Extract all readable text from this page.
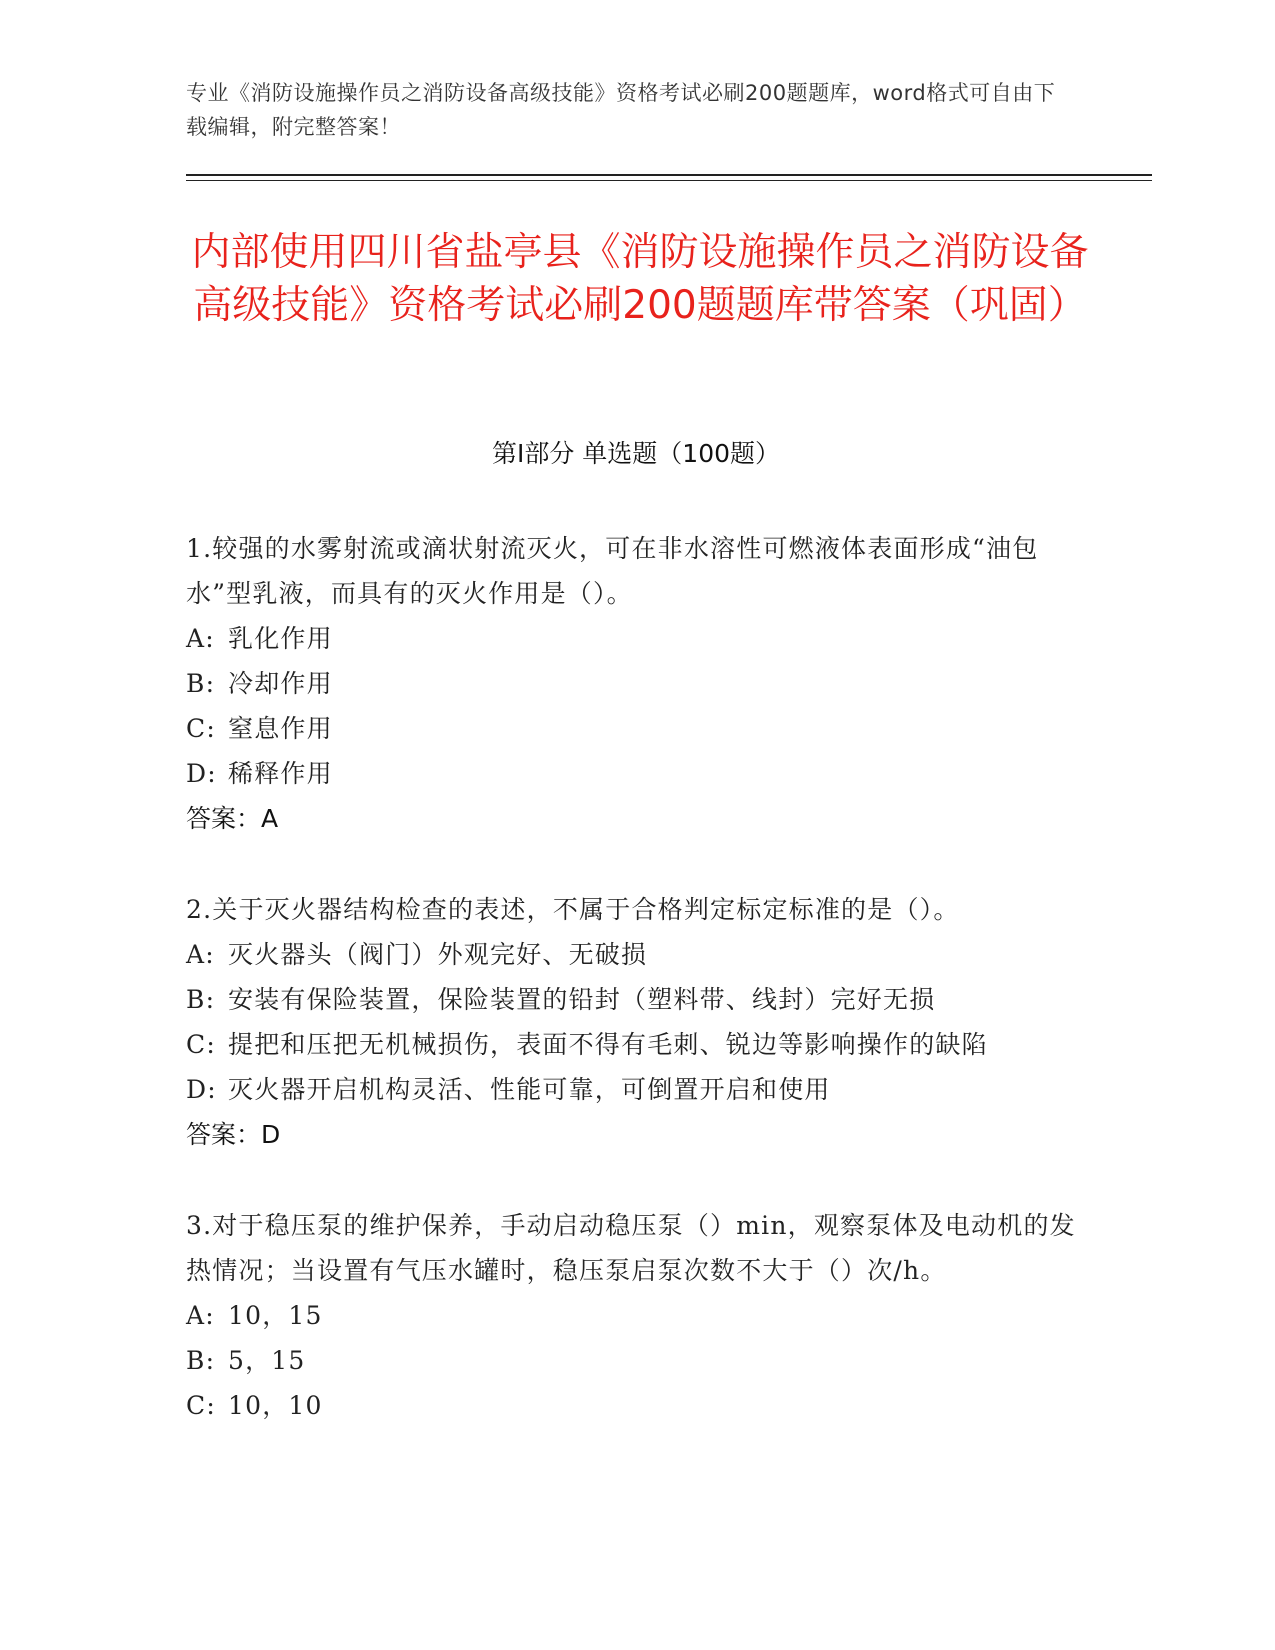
专业《消防设施操作员之消防设备高级技能》资格考试必刷200题题库，word格式可自由下载编辑，附完整答案！
内部使用四川省盐亭县《消防设施操作员之消防设备高级技能》资格考试必刷200题题库带答案（巩固）
第Ⅰ部分 单选题（100题）
1.较强的水雾射流或滴状射流灭火，可在非水溶性可燃液体表面形成“油包水”型乳液，而具有的灭火作用是（）。
A: 乳化作用
B: 冷却作用
C: 窒息作用
D: 稀释作用
答案：A
2.关于灭火器结构检查的表述，不属于合格判定标定标准的是（）。
A: 灭火器头（阀门）外观完好、无破损
B: 安装有保险装置，保险装置的铅封（塑料带、线封）完好无损
C: 提把和压把无机械损伤，表面不得有毛刺、锐边等影响操作的缺陷
D: 灭火器开启机构灵活、性能可靠，可倒置开启和使用
答案：D
3.对于稳压泵的维护保养，手动启动稳压泵（）min，观察泵体及电动机的发热情况；当设置有气压水罐时，稳压泵启泵次数不大于（）次/h。
A: 10，15
B: 5，15
C: 10，10
